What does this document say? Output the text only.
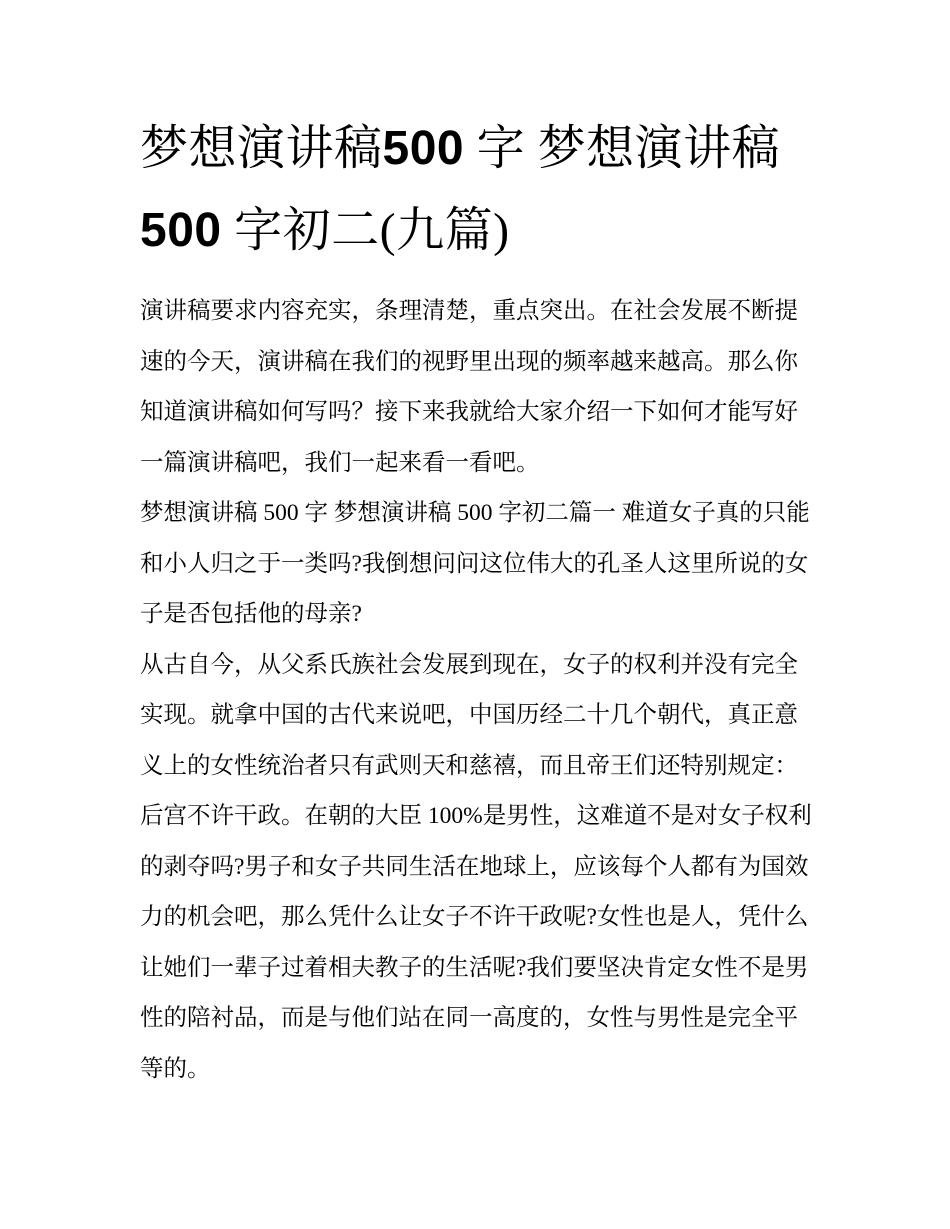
梦想演讲稿500 字 梦想演讲稿
500 字初二(九篇)

演讲稿要求内容充实，条理清楚，重点突出。在社会发展不断提速的今天，演讲稿在我们的视野里出现的频率越来越高。那么你知道演讲稿如何写吗？接下来我就给大家介绍一下如何才能写好一篇演讲稿吧，我们一起来看一看吧。

梦想演讲稿 500 字 梦想演讲稿 500 字初二篇一 难道女子真的只能和小人归之于一类吗?我倒想问问这位伟大的孔圣人这里所说的女子是否包括他的母亲?

从古自今，从父系氏族社会发展到现在，女子的权利并没有完全实现。就拿中国的古代来说吧，中国历经二十几个朝代，真正意义上的女性统治者只有武则天和慈禧，而且帝王们还特别规定：后宫不许干政。在朝的大臣 100%是男性，这难道不是对女子权利的剥夺吗?男子和女子共同生活在地球上，应该每个人都有为国效力的机会吧，那么凭什么让女子不许干政呢?女性也是人，凭什么让她们一辈子过着相夫教子的生活呢?我们要坚决肯定女性不是男性的陪衬品，而是与他们站在同一高度的，女性与男性是完全平等的。
